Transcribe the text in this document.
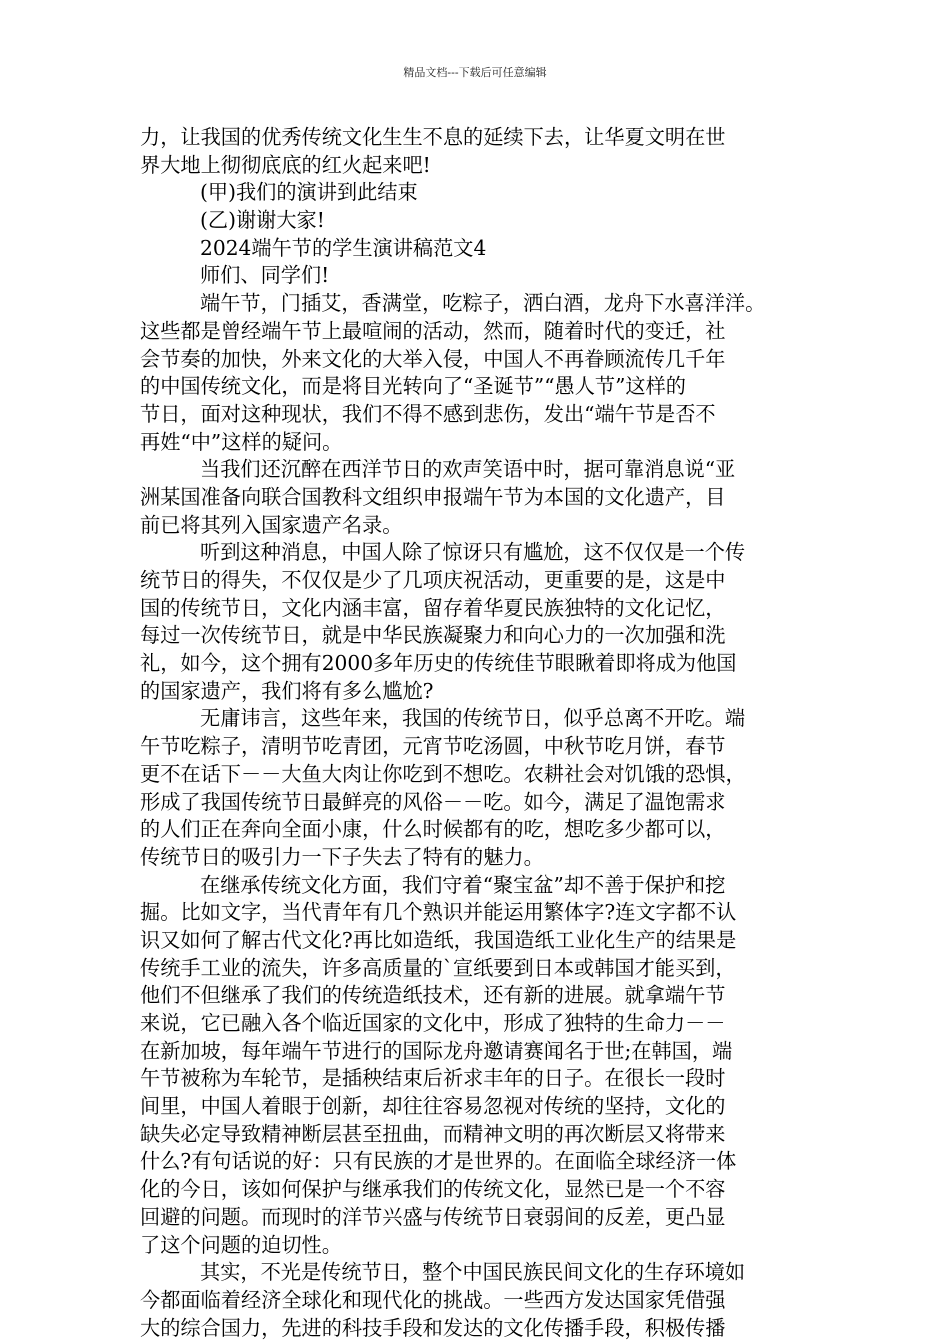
精品文档---下载后可任意编辑
力，让我国的优秀传统文化生生不息的延续下去，让华夏文明在世
界大地上彻彻底底的红火起来吧!
(甲)我们的演讲到此结束
(乙)谢谢大家!
2024端午节的学生演讲稿范文4
师们、同学们!
端午节，门插艾，香满堂，吃粽子，洒白酒，龙舟下水喜洋洋。
这些都是曾经端午节上最喧闹的活动，然而，随着时代的变迁，社
会节奏的加快，外来文化的大举入侵，中国人不再眷顾流传几千年
的中国传统文化，而是将目光转向了“圣诞节”“愚人节”这样的
节日，面对这种现状，我们不得不感到悲伤，发出“端午节是否不
再姓“中”这样的疑问。
当我们还沉醉在西洋节日的欢声笑语中时，据可靠消息说“亚
洲某国准备向联合国教科文组织申报端午节为本国的文化遗产，目
前已将其列入国家遗产名录。
听到这种消息，中国人除了惊讶只有尴尬，这不仅仅是一个传
统节日的得失，不仅仅是少了几项庆祝活动，更重要的是，这是中
国的传统节日，文化内涵丰富，留存着华夏民族独特的文化记忆，
每过一次传统节日，就是中华民族凝聚力和向心力的一次加强和洗
礼，如今，这个拥有2000多年历史的传统佳节眼瞅着即将成为他国
的国家遗产，我们将有多么尴尬?
无庸讳言，这些年来，我国的传统节日，似乎总离不开吃。端
午节吃粽子，清明节吃青团，元宵节吃汤圆，中秋节吃月饼，春节
更不在话下－－大鱼大肉让你吃到不想吃。农耕社会对饥饿的恐惧，
形成了我国传统节日最鲜亮的风俗－－吃。如今，满足了温饱需求
的人们正在奔向全面小康，什么时候都有的吃，想吃多少都可以，
传统节日的吸引力一下子失去了特有的魅力。
在继承传统文化方面，我们守着“聚宝盆”却不善于保护和挖
掘。比如文字，当代青年有几个熟识并能运用繁体字?连文字都不认
识又如何了解古代文化?再比如造纸，我国造纸工业化生产的结果是
传统手工业的流失，许多高质量的`宣纸要到日本或韩国才能买到，
他们不但继承了我们的传统造纸技术，还有新的进展。就拿端午节
来说，它已融入各个临近国家的文化中，形成了独特的生命力－－
在新加坡，每年端午节进行的国际龙舟邀请赛闻名于世;在韩国，端
午节被称为车轮节，是插秧结束后祈求丰年的日子。在很长一段时
间里，中国人着眼于创新，却往往容易忽视对传统的坚持，文化的
缺失必定导致精神断层甚至扭曲，而精神文明的再次断层又将带来
什么?有句话说的好：只有民族的才是世界的。在面临全球经济一体
化的今日，该如何保护与继承我们的传统文化，显然已是一个不容
回避的问题。而现时的洋节兴盛与传统节日衰弱间的反差，更凸显
了这个问题的迫切性。
其实，不光是传统节日，整个中国民族民间文化的生存环境如
今都面临着经济全球化和现代化的挑战。一些西方发达国家凭借强
大的综合国力，先进的科技手段和发达的文化传播手段，积极传播
